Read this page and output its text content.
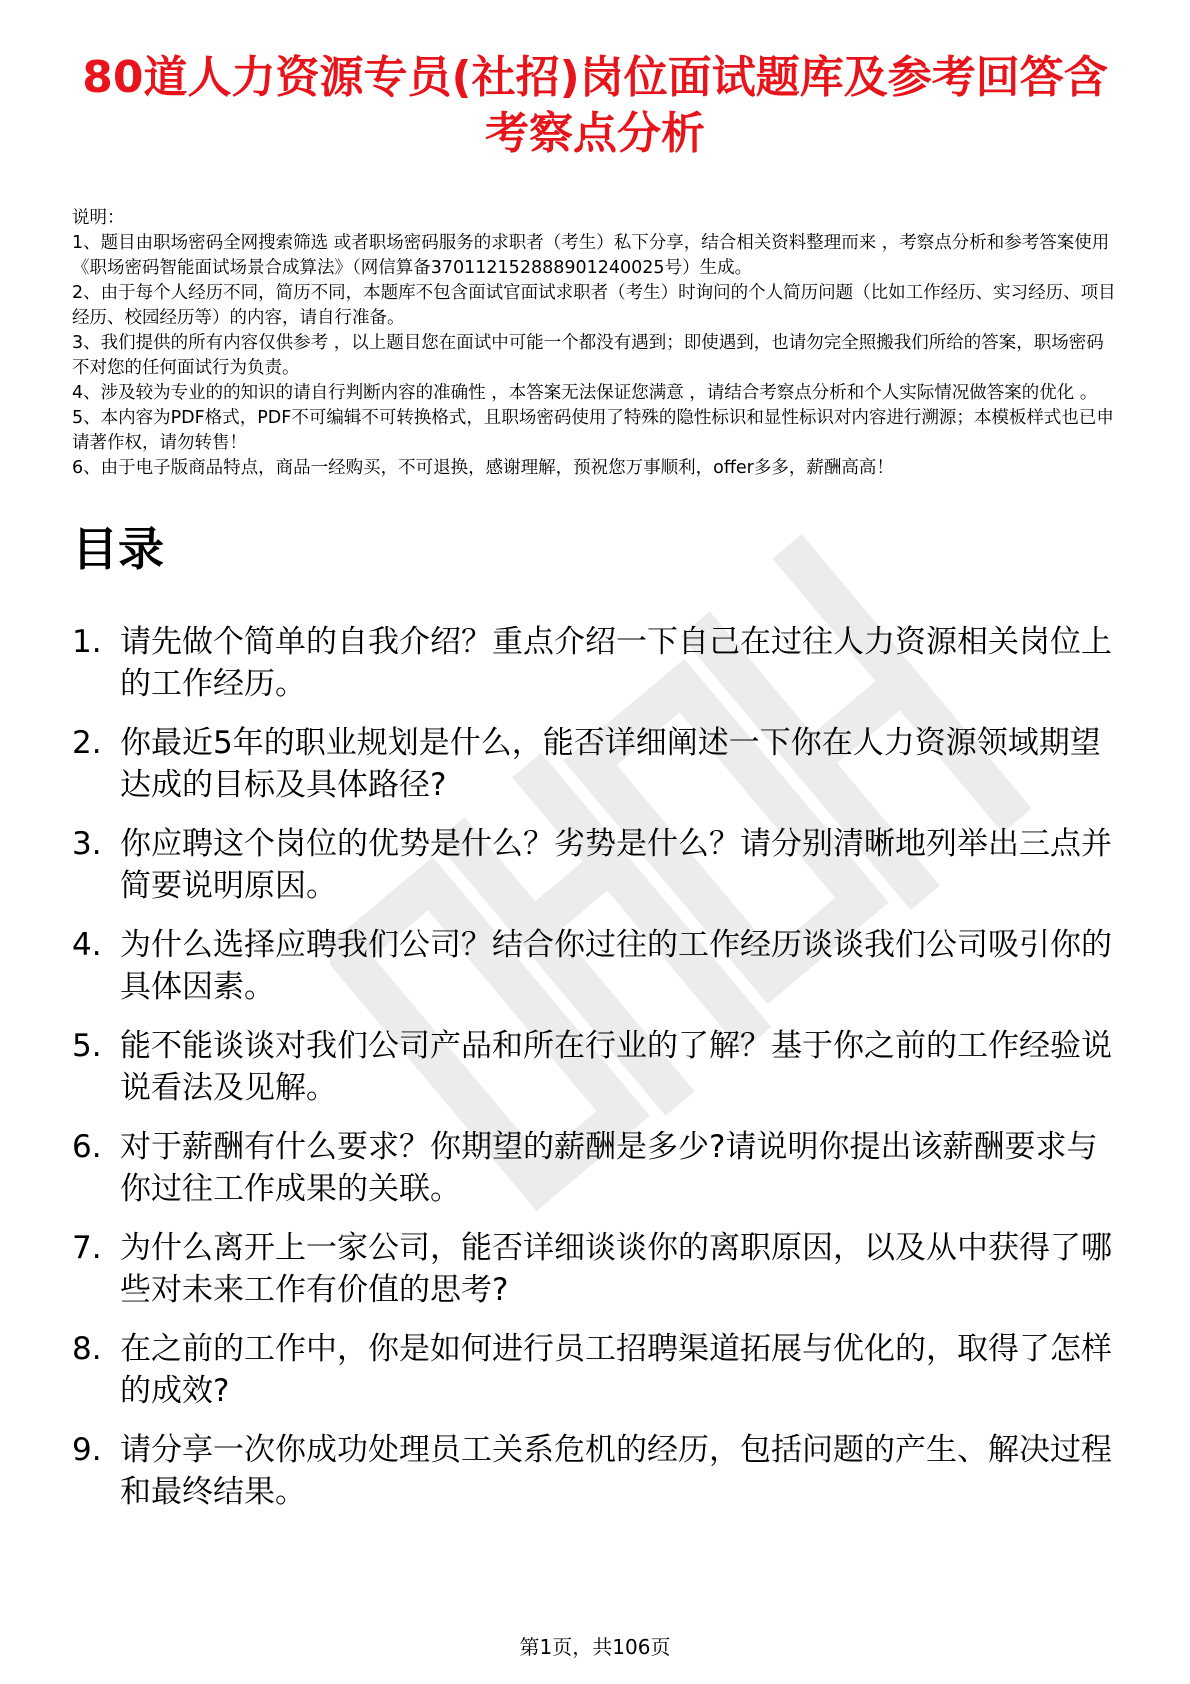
80道人力资源专员(社招)岗位面试题库及参考回答含考察点分析
说明：
1、题目由职场密码全网搜索筛选 或者职场密码服务的求职者（考生）私下分享，结合相关资料整理而来 ，考察点分析和参考答案使用《职场密码智能面试场景合成算法》（网信算备370112152888901240025号）生成。
2、由于每个人经历不同，简历不同，本题库不包含面试官面试求职者（考生）时询问的个人简历问题（比如工作经历、实习经历、项目经历、校园经历等）的内容，请自行准备。
3、我们提供的所有内容仅供参考 ，以上题目您在面试中可能一个都没有遇到；即使遇到，也请勿完全照搬我们所给的答案，职场密码不对您的任何面试行为负责。
4、涉及较为专业的的知识的请自行判断内容的准确性 ，本答案无法保证您满意 ，请结合考察点分析和个人实际情况做答案的优化 。
5、本内容为PDF格式，PDF不可编辑不可转换格式，且职场密码使用了特殊的隐性标识和显性标识对内容进行溯源；本模板样式也已申请著作权，请勿转售！
6、由于电子版商品特点，商品一经购买，不可退换，感谢理解，预祝您万事顺利，offer多多，薪酬高高！
目录
1. 请先做个简单的自我介绍？重点介绍一下自己在过往人力资源相关岗位上的工作经历。
2. 你最近5年的职业规划是什么，能否详细阐述一下你在人力资源领域期望达成的目标及具体路径?
3. 你应聘这个岗位的优势是什么？劣势是什么？请分别清晰地列举出三点并简要说明原因。
4. 为什么选择应聘我们公司？结合你过往的工作经历谈谈我们公司吸引你的具体因素。
5. 能不能谈谈对我们公司产品和所在行业的了解？基于你之前的工作经验说说看法及见解。
6. 对于薪酬有什么要求？你期望的薪酬是多少?请说明你提出该薪酬要求与你过往工作成果的关联。
7. 为什么离开上一家公司，能否详细谈谈你的离职原因，以及从中获得了哪些对未来工作有价值的思考?
8. 在之前的工作中，你是如何进行员工招聘渠道拓展与优化的，取得了怎样的成效?
9. 请分享一次你成功处理员工关系危机的经历，包括问题的产生、解决过程和最终结果。
第1页，共106页
